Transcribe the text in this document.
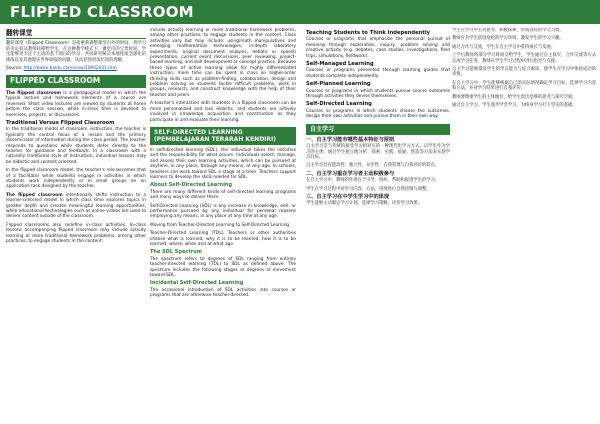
FLIPPED CLASSROOM
翻转课堂
翻转课堂（Flipped Classroom）是指重新调整课堂内外的时间，将学习的决定权从教师转移给学生。在这种教学模式下，课堂内的宝贵时间，学生能够更专注于主动的基于项目的学习，共同研究解决本地化或全球化的挑战以及其他现实世界面临的问题，从而获得更深层次的理解。
Source: http://baike.baidu.com/view/10942031.htm
FLIPPED CLASSROOM
The flipped classroom is a pedagogical model in which the typical lecture and homework elements of a course are reversed. Short video lectures are viewed by students at home before the class session, while in-class time is devoted to exercises, projects, or discussions.
Traditional Versus Flipped Classroom
In the traditional model of classroom instruction, the teacher is typically the central focus of a lesson and the primary disseminator of information during the class period. The teacher responds to questions while students defer directly to the teacher for guidance and feedback. In a classroom with a naturally traditional style of instruction, individual lessons may be didactic and content oriented.
In the flipped classroom model, the teacher's role becomes that of a facilitator while students engage in activities in which students work independently or in small groups on an application task designed by the teacher.
The flipped classroom intentionally shifts instruction to a learner-centered model in which class time explores topics in greater depth and creates meaningful learning opportunities, while educational technologies such as online videos are used to deliver content outside of the classroom.
Flipped classrooms also redefine in-class activities. In-class lessons accompanying flipped classroom may include activity learning or more traditional homework problems, among other practices, to engage students in the content.
include activity learning or more traditional homework problems, among other practices, to engage students in the content. Class activities vary but may include: using/math manipulatives and emerging mathematical technologies, in-depth laboratory experiments, original document analysis, debate or speech presentation, current event discussions, peer reviewing, project-based learning, and skill development or concept practice. Because these types of active learning allow for highly differentiated instruction, more time can be spent in class on higher-order thinking skills such as problem-finding, collaboration, design and problem solving as students tackle difficult problems, work in groups, research, and construct knowledge with the help of their teacher and peers.
A teacher's interaction with students in a flipped classroom can be more personalized and less didactic, and students are actively involved in knowledge acquisition and construction as they participate in and evaluate their learning.
SELF-DIRECTED LEARNING (PEMBELAJARAN TERARAH KENDIRI)
In self-directed learning (SDL), the individual takes the initiative and the responsibility for what occurs. Individuals select, manage, and assess their own learning activities, which can be pursued at anytime, in any place, through any means, at any age. In schools, teachers can work toward SDL a stage at a time. Teachers support learners to develop the skills needed for SDL.
About Self-Directed Learning
There are many different kinds of self-directed learning programs and many ways to deliver them.
Self-Directed Learning (SDL) is any increase in knowledge, skill, or performance pursued by any individual for personal reasons employing any means, in any place at any time at any age.
Moving from Teacher-Directed Learning to Self-Directed Learning
Teacher-Directed Learning (TDL). Teachers or other authorities choose what is learned, why it is to be learned, how it is to be learned, where, when and at what age.
The SDL Spectrum
The spectrum refers to degrees of SDL ranging from entirely teacher-directed learning (TDL) to SDL as defined above. The spectrum includes the following stages or degrees of movement toward SDL.
Incidental Self-Directed Learning
The occasional introduction of SDL activities into courses or programs that are otherwise teacher-directed.
Teaching Students to Think Independently
Courses or programs that emphasize the personal pursuit of meaning through exploration, inquiry, problem solving and creative activity (e.g. debates, case studies, investigations, field trips, simulations, fieldwork).
Self-Managed Learning
Courses or programs presented through learning guides that students complete independently.
Self-Planned Learning
Courses or programs in which students pursue course outcomes through activities they devise themselves.
Self-Directed Learning
Courses or programs in which students choose the outcomes, design their own activities and pursue them in their own way.
自主学习
一、自主学习能有哪些基本特征与原则
自主学习是与传统的接受学习相对应的一种现代化学习方式。以学生作为学习的主体，通过学生独立地分析、探索、实践、质疑、创造等方法来实现学习目标。
自主学习具有能动性、独立性、异步性、自我管理与自我评价的特点。
二、自主学习重在学习者主动积极参与
在自主学习中，教师的作用在于引导、组织、帮助和促进学生的学习。
学生在学习过程中对学习内容、方法、进度进行自我控制与调整。
三、自主学习在中学生学习中的体现
学生能够主动制定学习计划，选择学习策略，评价学习效果。
学生在学习中主动思考、积极探索，形成良好的学习习惯。
教师应为学生创设宽松的学习环境，激发学生的学习兴趣。
通过合作与交流，学生在自主学习中获得成长与发展。
上学后教师将部分学习时间交给学生，学生通过自主探究、合作交流等方式完成学习任务，教师在学生学习过程中进行指导与点拨。
自主学习能够提高学生的学习能力与综合素质，使学生在学习中体验成功的喜悦。
在自主学习中，学生能够根据自己的实际情况确定学习目标，选择学习内容和方法，并对学习结果进行自我评价。
教师要尊重学生的主体地位，给学生留出足够的思考与探究空间。
通过自主学习，学生逐步学会学习，为终身学习打下坚实的基础。
